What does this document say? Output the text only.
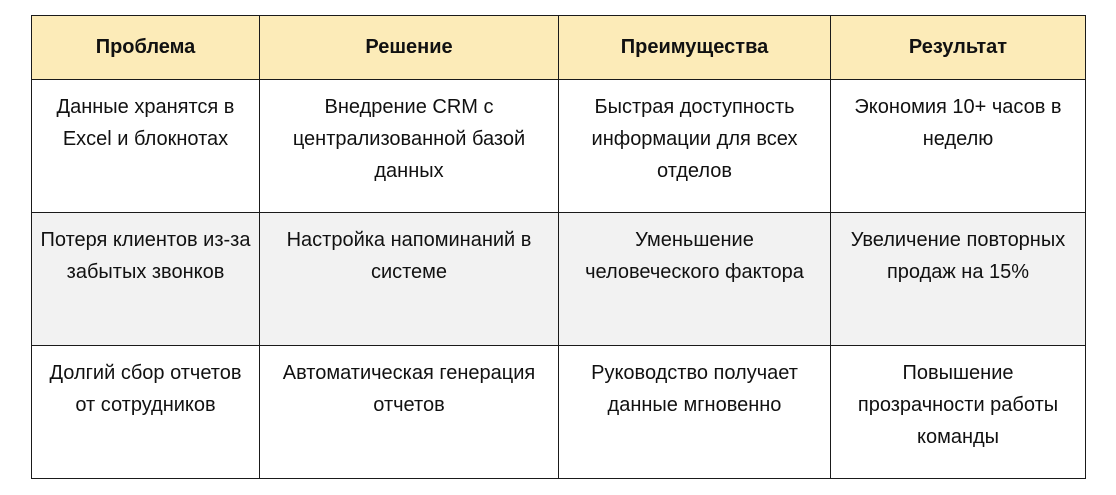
Проблема	Решение	Преимущества	Результат

Данные хранятся в Excel и блокнотах	Внедрение CRM с централизованной базой данных	Быстрая доступность информации для всех отделов	Экономия 10+ часов в неделю

Потеря клиентов из-за забытых звонков	Настройка напоминаний в системе	Уменьшение человеческого фактора	Увеличение повторных продаж на 15%

Долгий сбор отчетов от сотрудников	Автоматическая генерация отчетов	Руководство получает данные мгновенно	Повышение прозрачности работы команды
